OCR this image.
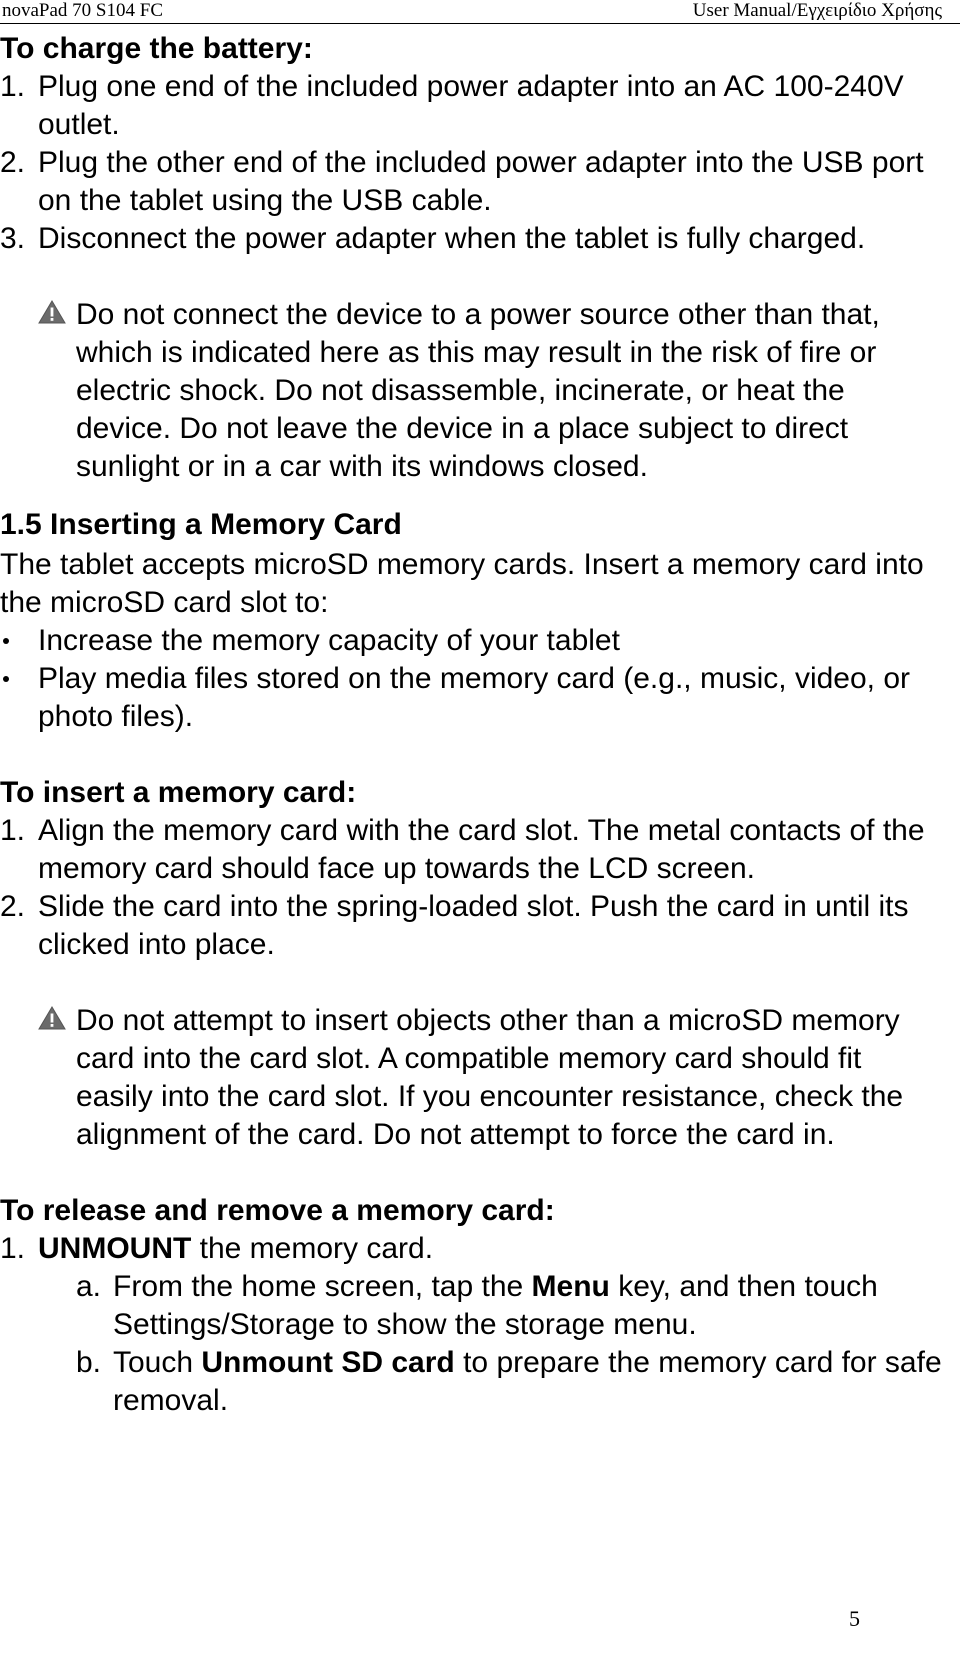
novaPad 70 S104 FC	User Manual/Εγχειρίδιο Χρήσης

To charge the battery:

1. Plug one end of the included power adapter into an AC 100-240V outlet.
2. Plug the other end of the included power adapter into the USB port on the tablet using the USB cable.
3. Disconnect the power adapter when the tablet is fully charged.
Do not connect the device to a power source other than that, which is indicated here as this may result in the risk of fire or electric shock. Do not disassemble, incinerate, or heat the device. Do not leave the device in a place subject to direct sunlight or in a car with its windows closed.

1.5 Inserting a Memory Card

The tablet accepts microSD memory cards. Insert a memory card into the microSD card slot to:

Increase the memory capacity of your tablet
Play media files stored on the memory card (e.g., music, video, or photo files).

To insert a memory card:

1. Align the memory card with the card slot. The metal contacts of the memory card should face up towards the LCD screen.
2. Slide the card into the spring-loaded slot. Push the card in until its clicked into place.
Do not attempt to insert objects other than a microSD memory card into the card slot. A compatible memory card should fit easily into the card slot. If you encounter resistance, check the alignment of the card. Do not attempt to force the card in.

To release and remove a memory card:

1. UNMOUNT the memory card.
a. From the home screen, tap the Menu key, and then touch Settings/Storage to show the storage menu.
b. Touch Unmount SD card to prepare the memory card for safe removal.
5
